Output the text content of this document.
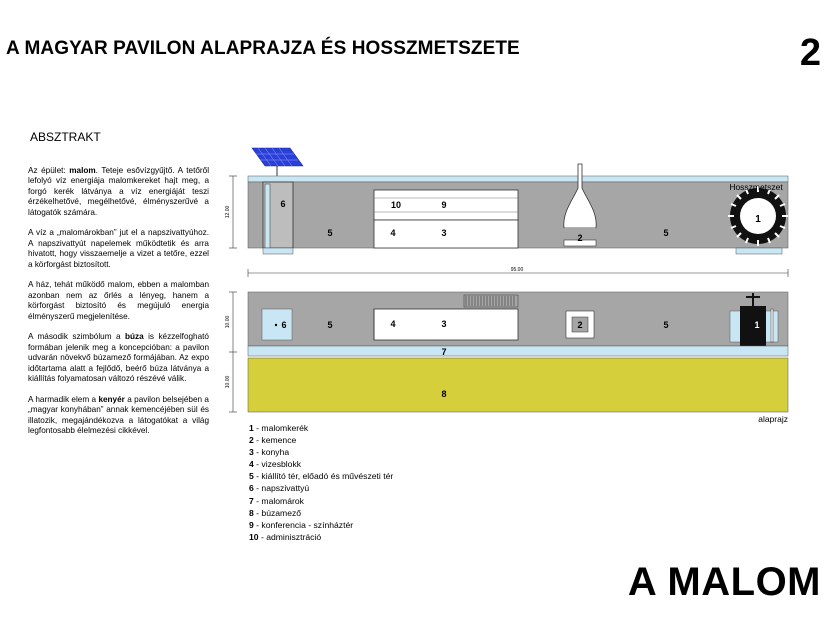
A MAGYAR PAVILON ALAPRAJZA ÉS HOSSZMETSZETE	2
ABSZTRAKT

Az épület: malom. Teteje esővízgyűjtő. A tetőről lefolyó víz energiája malomkereket hajt meg, a forgó kerék látványa a víz energiáját teszi érzékelhetővé, megélhetővé, élményszerűvé a látogatók számára.

A víz a „malomárokban” jut el a napszivattyúhoz. A napszivattyút napelemek működtetik és arra hivatott, hogy visszaemelje a vizet a tetőre, ezzel a körforgást biztosított.

A ház, tehát működő malom, ebben a malomban azonban nem az őrlés a lényeg, hanem a körforgást biztosító és megújuló energia élményszerű megjelenítése.

A második szimbólum a búza is kézzelfogható formában jelenik meg a koncepcióban: a pavilon udvarán növekvő búzamező formájában. Az expo időtartama alatt a fejlődő, beérő búza látványa a kiállítás folyamatosan változó részévé válik.

A harmadik elem a kenyér a pavilon belsejében a „magyar konyhában” annak kemencéjében sül és illatozik, megajándékozva a látogatókat a világ legfontosabb élelmezési cikkével.

6	10	9
5	4	3	2	5
1
Hosszmetszet
12.00
95.00
6	5	4	3	2	5	1
7
8
alaprajz
10.00
10.00
1 - malomkerék
2 - kemence
3 - konyha
4 - vizesblokk
5 - kiállító tér, előadó és művészeti tér
6 - napszivattyú
7 - malomárok
8 - búzamező
9 - konferencia - színháztér
10 - adminisztráció
A MALOM
